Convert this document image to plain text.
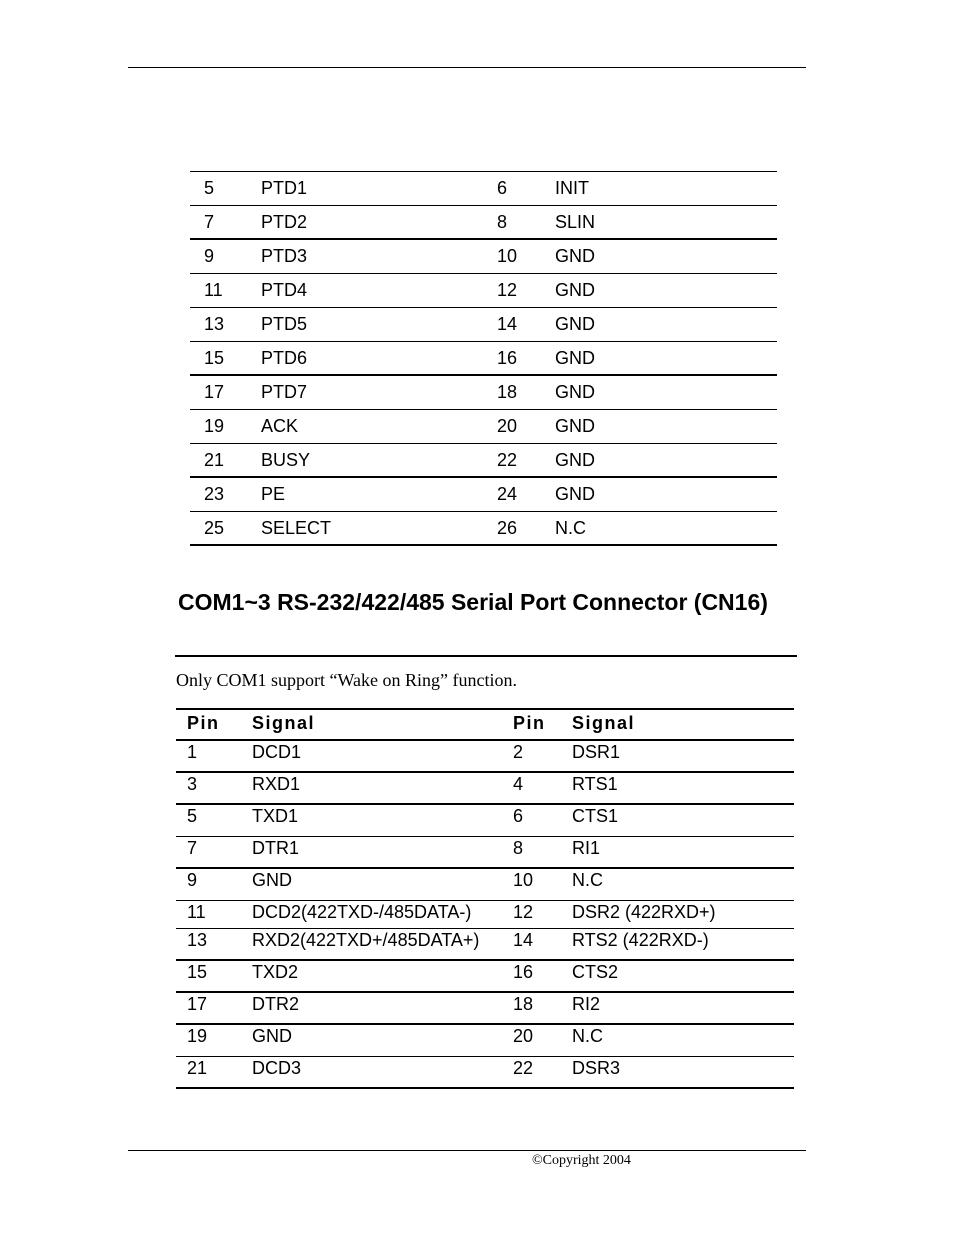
5	PTD1	6	INIT
7	PTD2	8	SLIN
9	PTD3	10 GND
11 PTD4	12 GND
13 PTD5	14 GND
15 PTD6	16 GND
17 PTD7	18 GND
19 ACK	20 GND
21 BUSY	22 GND
23 PE	24 GND
25 SELECT	26 N.C
COM1~3 RS-232/422/485 Serial Port Connector (CN16)
Only COM1 support “Wake on Ring” function.
Pin Signal	Pin Signal
1	DCD1	2	DSR1
3	RXD1	4	RTS1
5	TXD1	6	CTS1
7	DTR1	8	RI1
9	GND	10 N.C
11	DCD2(422TXD-/485DATA-) 12 DSR2 (422RXD+)
13 RXD2(422TXD+/485DATA+) 14 RTS2 (422RXD-)
15 TXD2	16 CTS2
17 DTR2	18 RI2
19 GND	20 N.C
21 DCD3	22 DSR3
©Copyright 2004
